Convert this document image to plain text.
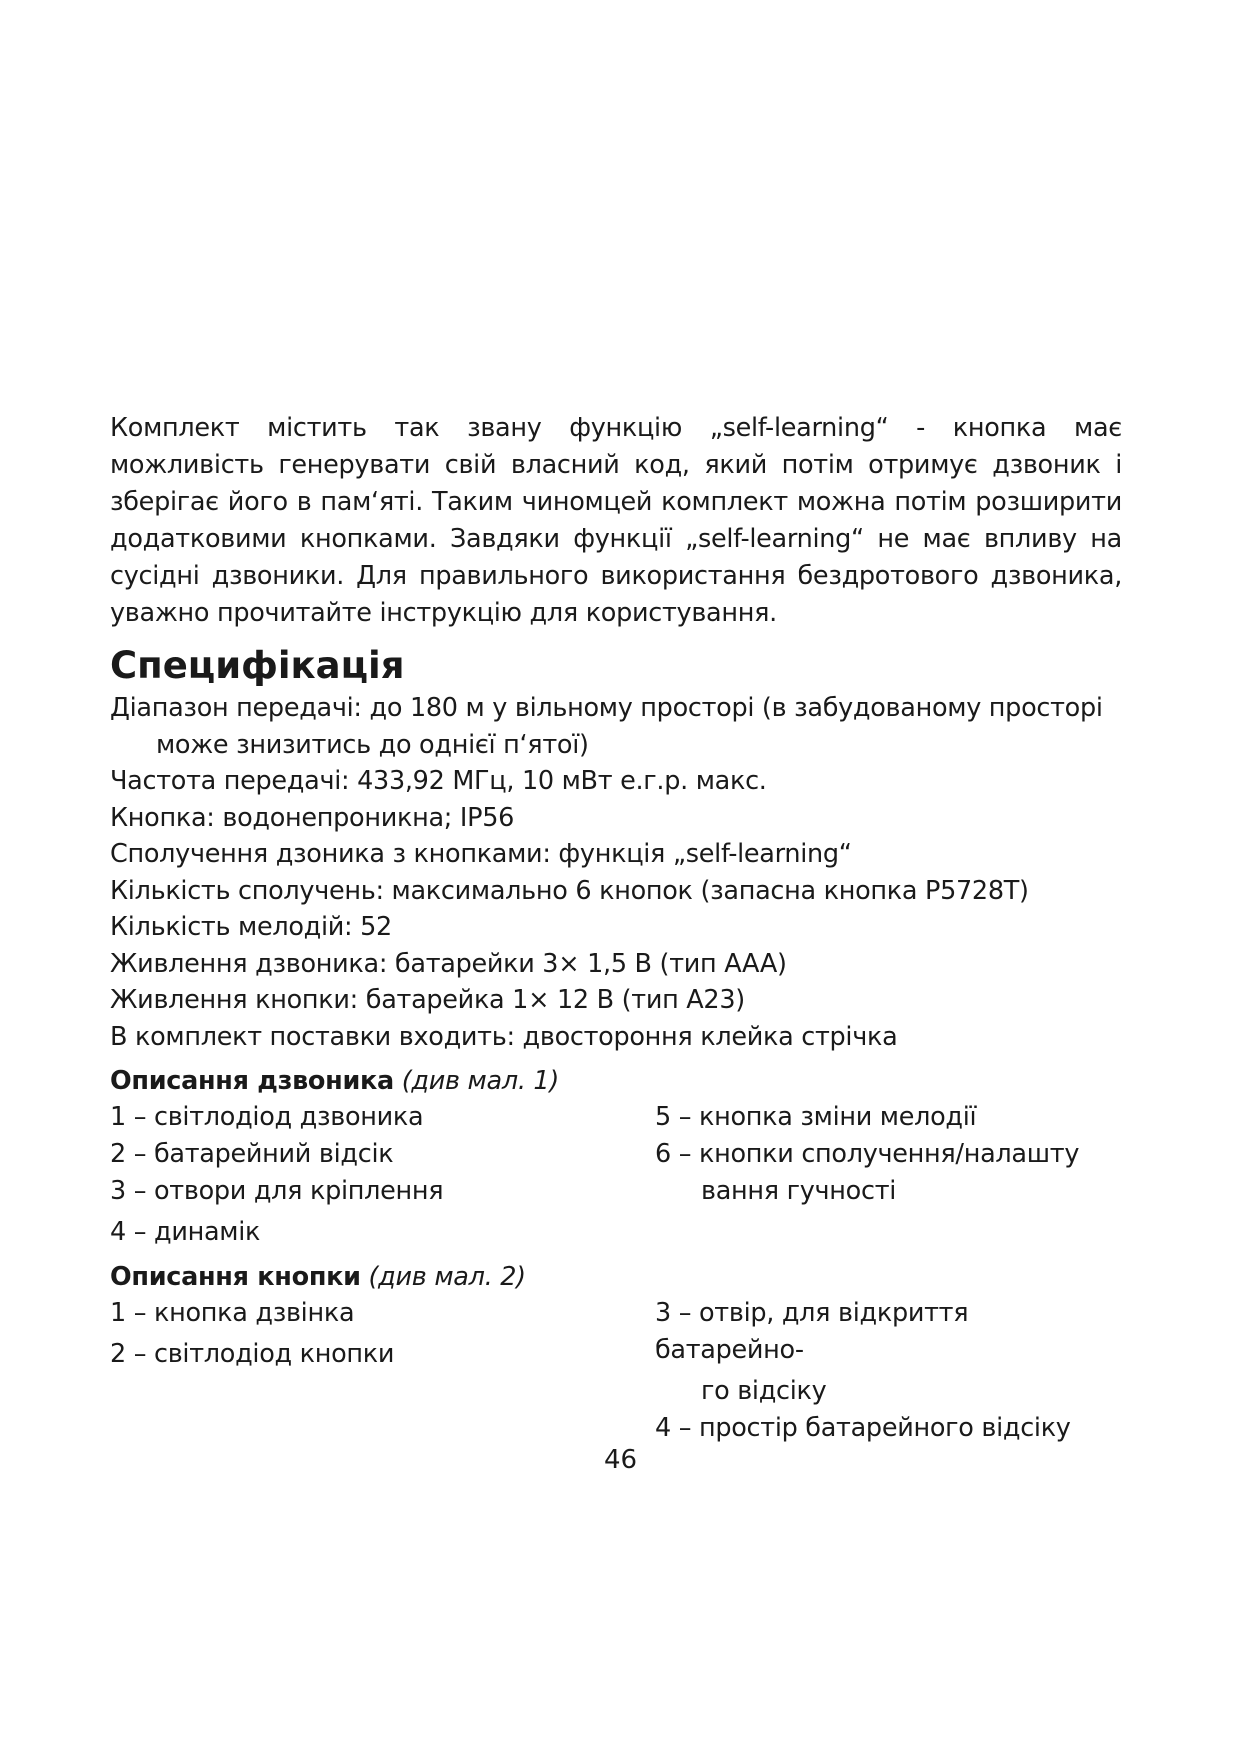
Комплект містить так звану функцію „self-learning“ - кнопка має можливість генерувати свій власний код, який потім отримує дзвоник і зберігає його в пам‘яті. Таким чиномцей комплект можна потім розширити додатковими кнопками. Завдяки функції „self-learning“ не має впливу на сусідні дзвоники. Для правильного використання бездротового дзвоника, уважно прочитайте інструкцію для користування.

Специфікація
Діапазон передачі: до 180 м у вільному просторі (в забудованому просторі
може знизитись до однієї п‘ятої)
Частота передачі: 433,92 МГц, 10 мВт е.г.р. макс.
Кнопка: водонепроникна; IP56
Сполучення дзоника з кнопками: функція „self-learning“
Кількість сполучень: максимально 6 кнопок (запасна кнопка P5728T)
Кількість мелодій: 52
Живлення дзвоника: батарейки 3× 1,5 В (тип AAA)
Живлення кнопки: батарейка 1× 12 В (тип A23)
В комплект поставки входить: двостороння клейка стрічка
Описання дзвоника (див мал. 1)
1 – світлодіод дзвоника
2 – батарейний відсік
3 – отвори для кріплення
4 – динамік
5 – кнопка зміни мелодії
6 – кнопки сполучення/налашту
вання гучності
Описання кнопки (див мал. 2)
1 – кнопка дзвінка
2 – світлодіод кнопки
3 – отвір, для відкриття батарейно-
го відсіку
4 – простір батарейного відсіку
46
